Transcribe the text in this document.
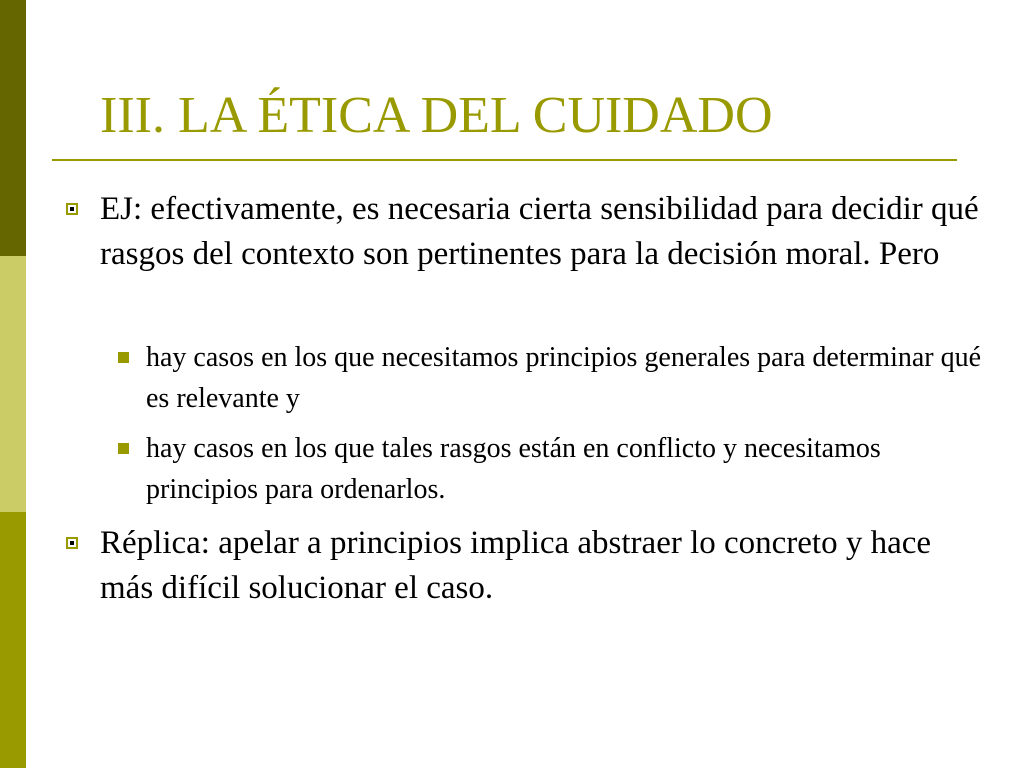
III. LA ÉTICA DEL CUIDADO
EJ: efectivamente, es necesaria cierta sensibilidad para decidir qué rasgos del contexto son pertinentes para la decisión moral. Pero
hay casos en los que necesitamos principios generales para determinar qué es relevante y
hay casos en los que tales rasgos están en conflicto y necesitamos principios para ordenarlos.
Réplica: apelar a principios implica abstraer lo concreto y hace más difícil solucionar el caso.
